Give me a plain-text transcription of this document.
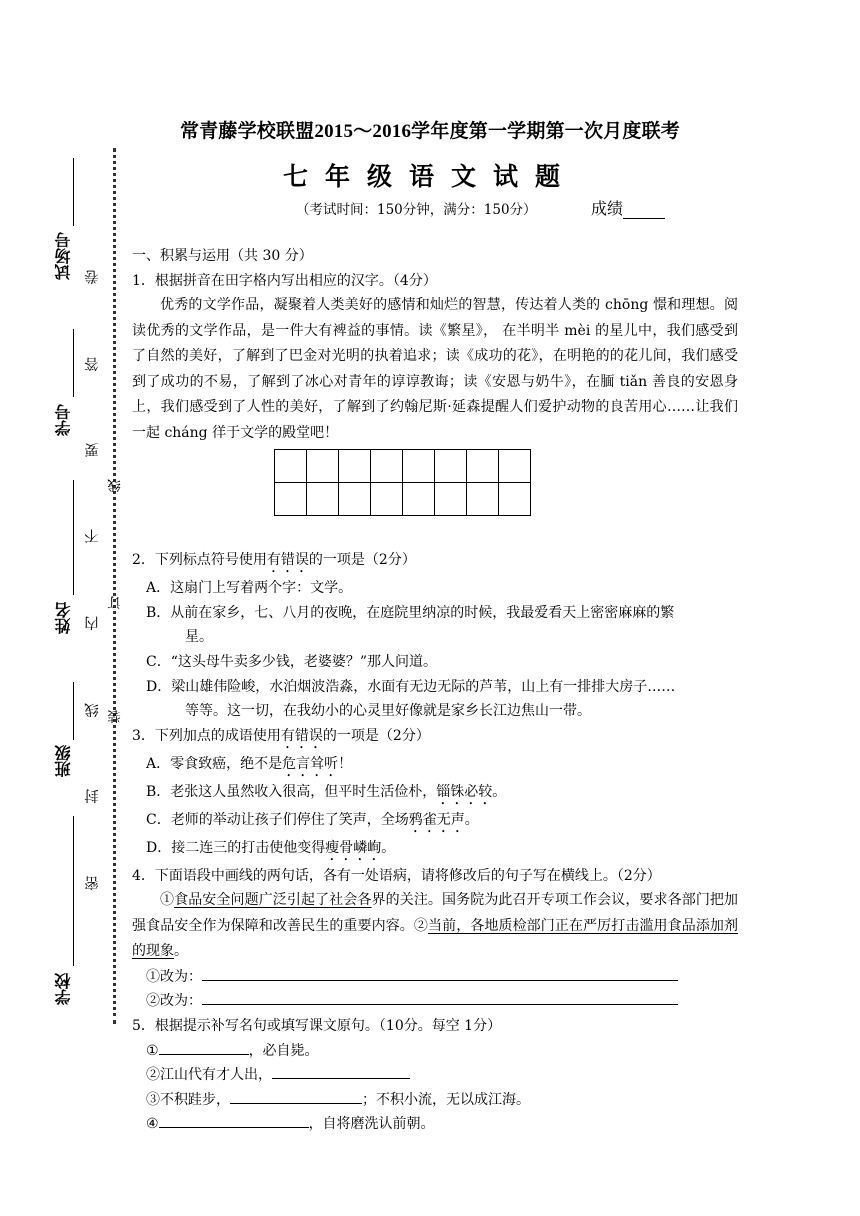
试场号
学号
姓名
班级
学校
卷
答
要
不
内
线
封
密
线
订
装
常青藤学校联盟2015～2016学年度第一学期第一次月度联考
七年级语文试题
（考试时间：150分钟，满分：150分）	成绩
一、积累与运用（共 30 分）
1．根据拼音在田字格内写出相应的汉字。（4分）
优秀的文学作品，凝聚着人类美好的感情和灿烂的智慧，传达着人类的 chōng 憬和理想。阅读优秀的文学作品，是一件大有裨益的事情。读《繁星》， 在半明半 mèi 的星儿中，我们感受到了自然的美好，了解到了巴金对光明的执着追求；读《成功的花》，在明艳的的花儿间，我们感受到了成功的不易，了解到了冰心对青年的谆谆教诲；读《安恩与奶牛》，在腼 tiǎn 善良的安恩身上，我们感受到了人性的美好，了解到了约翰尼斯·延森提醒人们爱护动物的良苦用心……让我们一起 cháng 徉于文学的殿堂吧！
2．下列标点符号使用有错误的一项是（2分）
A．这扇门上写着两个字：文学。
B．从前在家乡，七、八月的夜晚，在庭院里纳凉的时候，我最爱看天上密密麻麻的繁
星。
C．“这头母牛卖多少钱，老婆婆？”那人问道。
D．梁山雄伟险峻，水泊烟波浩淼，水面有无边无际的芦苇，山上有一排排大房子……
等等。这一切，在我幼小的心灵里好像就是家乡长江边焦山一带。
3．下列加点的成语使用有错误的一项是（2分）
A．零食致癌，绝不是危言耸听！
B．老张这人虽然收入很高，但平时生活俭朴，锱铢必较。
C．老师的举动让孩子们停住了笑声，全场鸦雀无声。
D．接二连三的打击使他变得瘦骨嶙峋。
4．下面语段中画线的两句话，各有一处语病，请将修改后的句子写在横线上。（2分）
①食品安全问题广泛引起了社会各界的关注。国务院为此召开专项工作会议，要求各部门把加强食品安全作为保障和改善民生的重要内容。②当前，各地质检部门正在严厉打击滥用食品添加剂的现象。
①改为：
②改为：
5．根据提示补写名句或填写课文原句。（10分。每空 1分）
①	，必自毙。
②江山代有才人出，
③不积跬步，	；不积小流，无以成江海。
④	，自将磨洗认前朝。
